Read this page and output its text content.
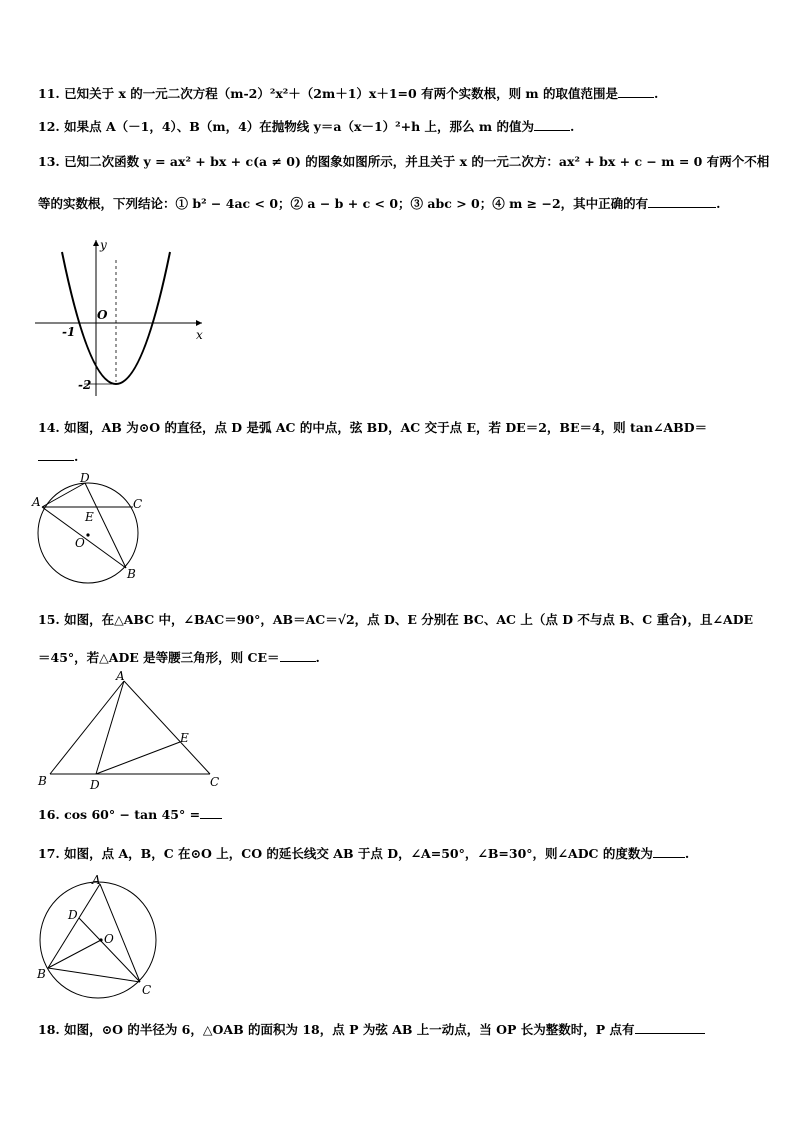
11. 已知关于 x 的一元二次方程（m-2）²x²＋（2m＋1）x＋1=0 有两个实数根，则 m 的取值范围是	.
12. 如果点 A（－1，4）、B（m，4）在抛物线 y＝a（x－1）²+h 上，那么 m 的值为	.
13. 已知二次函数 y = ax² + bx + c(a ≠ 0) 的图象如图所示，并且关于 x 的一元二次方：ax² + bx + c − m = 0 有两个不相
等的实数根，下列结论：① b² − 4ac < 0；② a − b + c < 0；③ abc > 0；④ m ≥ −2，其中正确的有	.
y
x
O
-1
-2
14. 如图，AB 为⊙O 的直径，点 D 是弧 AC 的中点，弦 BD，AC 交于点 E，若 DE＝2，BE＝4，则 tan∠ABD＝
.
A
D
C
E
O
B
15. 如图，在△ABC 中，∠BAC＝90°，AB＝AC＝√2，点 D、E 分别在 BC、AC 上（点 D 不与点 B、C 重合)，且∠ADE
＝45°，若△ADE 是等腰三角形，则 CE＝	.
A
B	C
D
E
16. cos 60° − tan 45° =
17. 如图，点 A，B，C 在⊙O 上，CO 的延长线交 AB 于点 D，∠A=50°，∠B=30°，则∠ADC 的度数为	.
A
D
O
B
C
18. 如图，⊙O 的半径为 6，△OAB 的面积为 18，点 P 为弦 AB 上一动点，当 OP 长为整数时，P 点有
